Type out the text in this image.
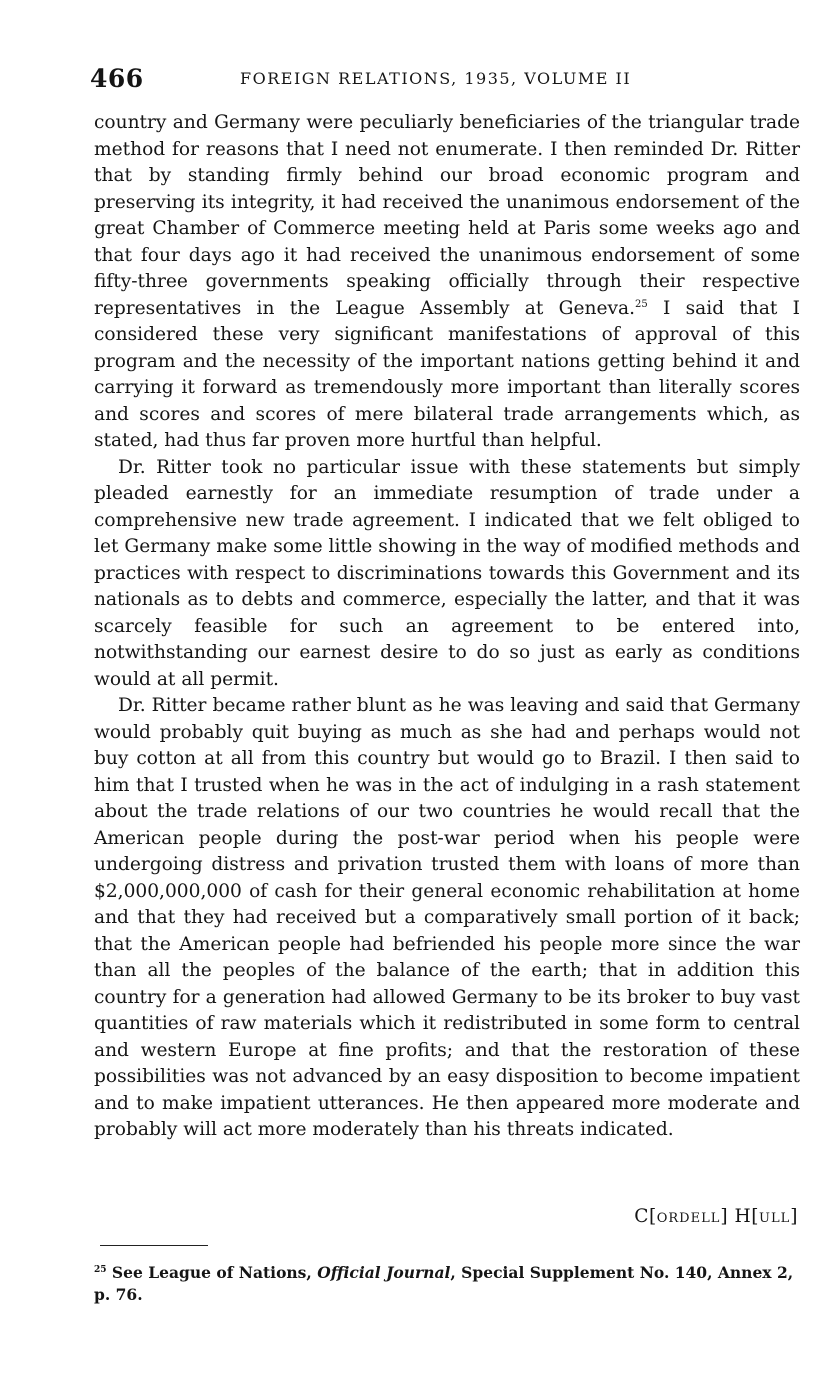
466	FOREIGN RELATIONS, 1935, VOLUME II

country and Germany were peculiarly beneficiaries of the triangular trade method for reasons that I need not enumerate. I then reminded Dr. Ritter that by standing firmly behind our broad economic program and preserving its integrity, it had received the unanimous endorsement of the great Chamber of Commerce meeting held at Paris some weeks ago and that four days ago it had received the unanimous endorsement of some fifty-three governments speaking officially through their respective representatives in the League Assembly at Geneva.$^{25}$ I said that I considered these very significant manifestations of approval of this program and the necessity of the important nations getting behind it and carrying it forward as tremendously more important than literally scores and scores and scores of mere bilateral trade arrangements which, as stated, had thus far proven more hurtful than helpful.

Dr. Ritter took no particular issue with these statements but simply pleaded earnestly for an immediate resumption of trade under a comprehensive new trade agreement. I indicated that we felt obliged to let Germany make some little showing in the way of modified methods and practices with respect to discriminations towards this Government and its nationals as to debts and commerce, especially the latter, and that it was scarcely feasible for such an agreement to be entered into, notwithstanding our earnest desire to do so just as early as conditions would at all permit.

Dr. Ritter became rather blunt as he was leaving and said that Germany would probably quit buying as much as she had and perhaps would not buy cotton at all from this country but would go to Brazil. I then said to him that I trusted when he was in the act of indulging in a rash statement about the trade relations of our two countries he would recall that the American people during the post-war period when his people were undergoing distress and privation trusted them with loans of more than $2,000,000,000 of cash for their general economic rehabilitation at home and that they had received but a comparatively small portion of it back; that the American people had befriended his people more since the war than all the peoples of the balance of the earth; that in addition this country for a generation had allowed Germany to be its broker to buy vast quantities of raw materials which it redistributed in some form to central and western Europe at fine profits; and that the restoration of these possibilities was not advanced by an easy disposition to become impatient and to make impatient utterances. He then appeared more moderate and probably will act more moderately than his threats indicated.

C[ORDELL] H[ULL]
$^{25}$ See League of Nations, Official Journal, Special Supplement No. 140, Annex 2, p. 76.
